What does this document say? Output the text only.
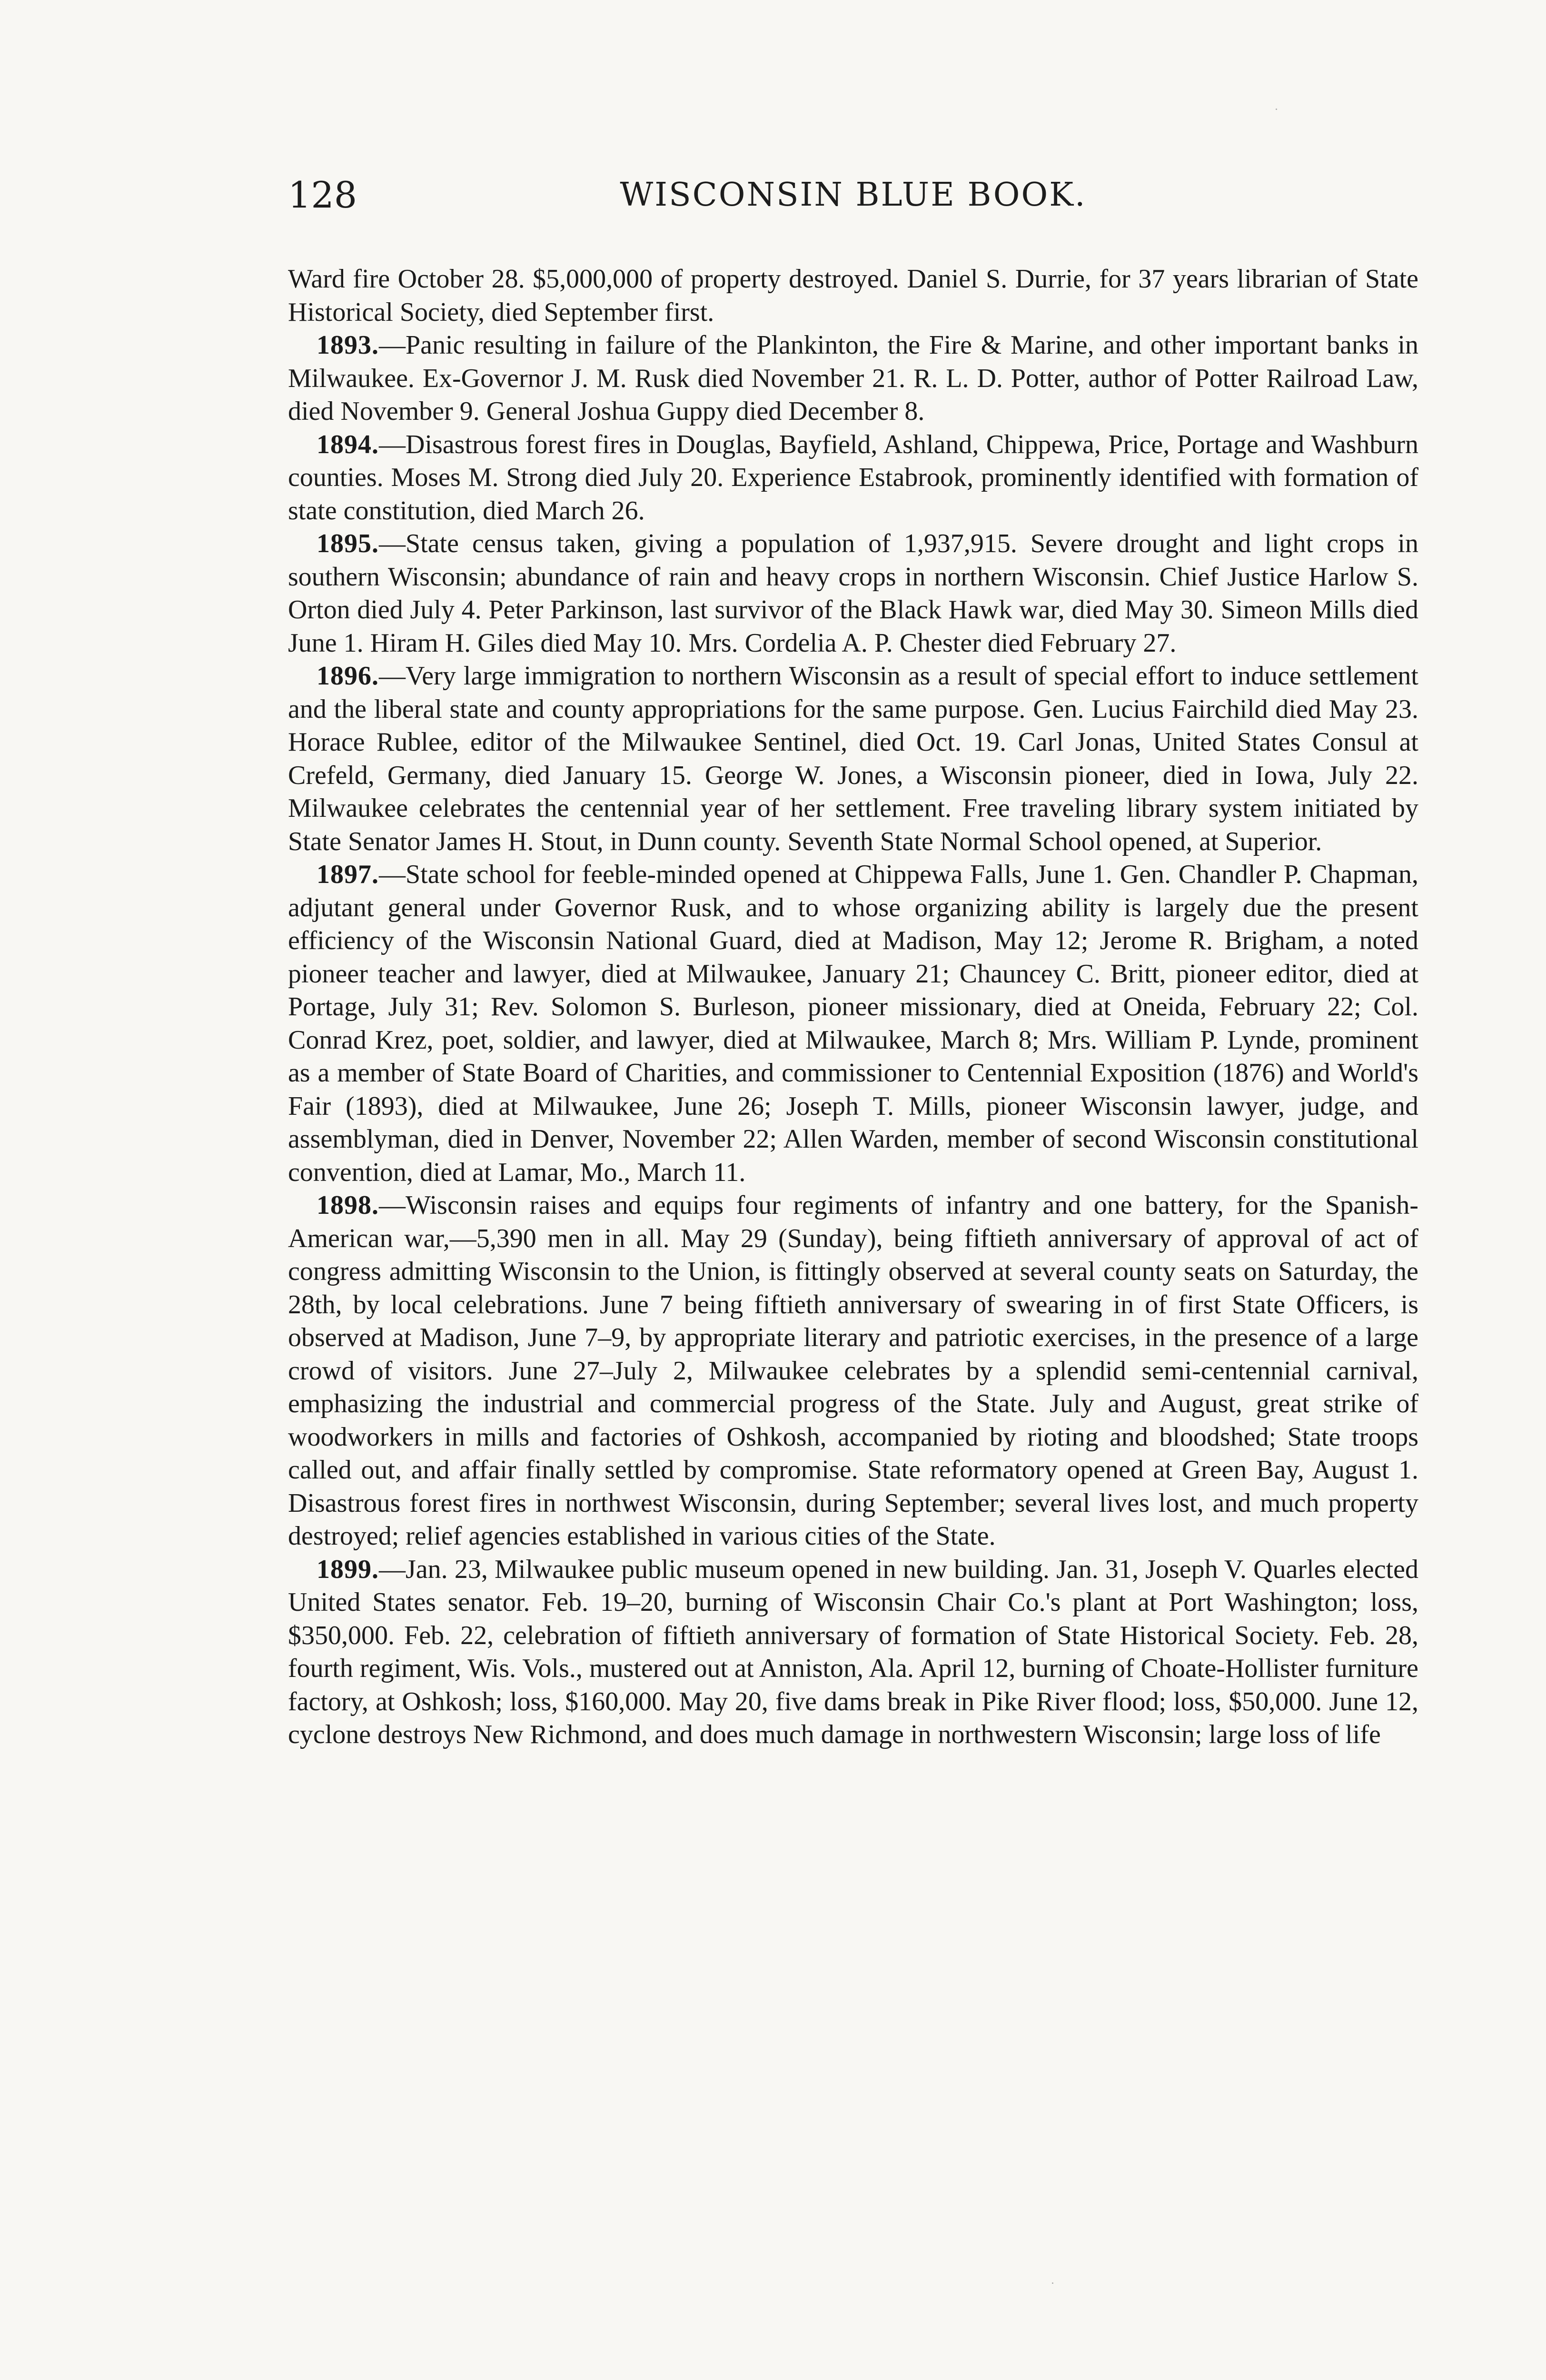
128	WISCONSIN BLUE BOOK.

Ward fire October 28. $5,000,000 of property destroyed. Daniel S. Durrie, for 37 years librarian of State Historical Society, died September first.

1893.—Panic resulting in failure of the Plankinton, the Fire & Marine, and other important banks in Milwaukee. Ex-Governor J. M. Rusk died November 21. R. L. D. Potter, author of Potter Railroad Law, died November 9. General Joshua Guppy died December 8.

1894.—Disastrous forest fires in Douglas, Bayfield, Ashland, Chippewa, Price, Portage and Washburn counties. Moses M. Strong died July 20. Experience Estabrook, prominently identified with formation of state constitution, died March 26.

1895.—State census taken, giving a population of 1,937,915. Severe drought and light crops in southern Wisconsin; abundance of rain and heavy crops in northern Wisconsin. Chief Justice Harlow S. Orton died July 4. Peter Parkinson, last survivor of the Black Hawk war, died May 30. Simeon Mills died June 1. Hiram H. Giles died May 10. Mrs. Cordelia A. P. Chester died February 27.

1896.—Very large immigration to northern Wisconsin as a result of special effort to induce settlement and the liberal state and county appropriations for the same purpose. Gen. Lucius Fairchild died May 23. Horace Rublee, editor of the Milwaukee Sentinel, died Oct. 19. Carl Jonas, United States Consul at Crefeld, Germany, died January 15. George W. Jones, a Wisconsin pioneer, died in Iowa, July 22. Milwaukee celebrates the centennial year of her settlement. Free traveling library system initiated by State Senator James H. Stout, in Dunn county. Seventh State Normal School opened, at Superior.

1897.—State school for feeble-minded opened at Chippewa Falls, June 1. Gen. Chandler P. Chapman, adjutant general under Governor Rusk, and to whose organizing ability is largely due the present efficiency of the Wisconsin National Guard, died at Madison, May 12; Jerome R. Brigham, a noted pioneer teacher and lawyer, died at Milwaukee, January 21; Chauncey C. Britt, pioneer editor, died at Portage, July 31; Rev. Solomon S. Burleson, pioneer missionary, died at Oneida, February 22; Col. Conrad Krez, poet, soldier, and lawyer, died at Milwaukee, March 8; Mrs. William P. Lynde, prominent as a member of State Board of Charities, and commissioner to Centennial Exposition (1876) and World's Fair (1893), died at Milwaukee, June 26; Joseph T. Mills, pioneer Wisconsin lawyer, judge, and assemblyman, died in Denver, November 22; Allen Warden, member of second Wisconsin constitutional convention, died at Lamar, Mo., March 11.

1898.—Wisconsin raises and equips four regiments of infantry and one battery, for the Spanish-American war,—5,390 men in all. May 29 (Sunday), being fiftieth anniversary of approval of act of congress admitting Wisconsin to the Union, is fittingly observed at several county seats on Saturday, the 28th, by local celebrations. June 7 being fiftieth anniversary of swearing in of first State Officers, is observed at Madison, June 7–9, by appropriate literary and patriotic exercises, in the presence of a large crowd of visitors. June 27–July 2, Milwaukee celebrates by a splendid semi-centennial carnival, emphasizing the industrial and commercial progress of the State. July and August, great strike of woodworkers in mills and factories of Oshkosh, accompanied by rioting and bloodshed; State troops called out, and affair finally settled by compromise. State reformatory opened at Green Bay, August 1. Disastrous forest fires in northwest Wisconsin, during September; several lives lost, and much property destroyed; relief agencies established in various cities of the State.

1899.—Jan. 23, Milwaukee public museum opened in new building. Jan. 31, Joseph V. Quarles elected United States senator. Feb. 19–20, burning of Wisconsin Chair Co.'s plant at Port Washington; loss, $350,000. Feb. 22, celebration of fiftieth anniversary of formation of State Historical Society. Feb. 28, fourth regiment, Wis. Vols., mustered out at Anniston, Ala. April 12, burning of Choate-Hollister furniture factory, at Oshkosh; loss, $160,000. May 20, five dams break in Pike River flood; loss, $50,000. June 12, cyclone destroys New Richmond, and does much damage in northwestern Wisconsin; large loss of life
